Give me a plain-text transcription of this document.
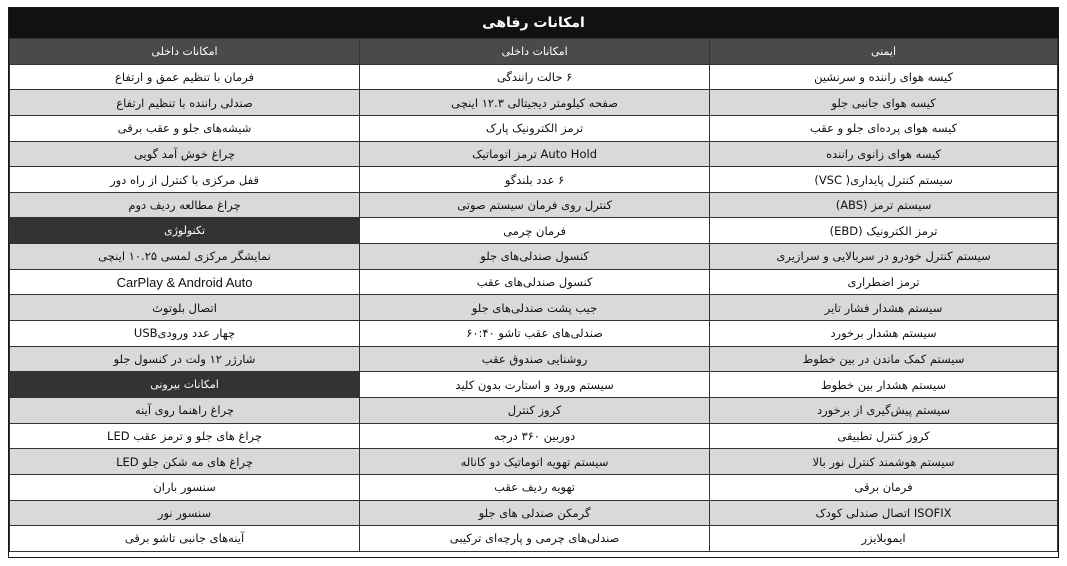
امکانات رفاهی
ایمنی	امکانات داخلی	امکانات داخلی
کیسه هوای راننده و سرنشین	۶ حالت رانندگی	فرمان با تنظیم عمق و ارتفاع
کیسه هوای جانبی جلو	صفحه کیلومتر دیجیتالی ۱۲.۳ اینچی	صندلی راننده با تنظیم ارتفاع
کیسه هوای پرده‌ای جلو و عقب	ترمز الکترونیک پارک	شیشه‌های جلو و عقب برقی
کیسه هوای زانوی راننده	Auto Hold ترمز اتوماتیک	چراغ خوش آمد گویی
سیستم کنترل پایداری( VSC)	۶ عدد بلندگو	قفل مرکزی با کنترل از راه دور
سیستم ترمز (ABS)	کنترل روی فرمان سیستم صوتی	چراغ مطالعه ردیف دوم
ترمز الکترونیک (EBD)	فرمان چرمی	تکنولوژی
سیستم کنترل خودرو در سربالایی و سرازیری	کنسول صندلی‌های جلو	نمایشگر مرکزی لمسی ۱۰.۲۵ اینچی
ترمز اضطراری	کنسول صندلی‌های عقب	CarPlay & Android Auto
سیستم هشدار فشار تایر	جیب پشت صندلی‌های جلو	اتصال بلوتوث
سیستم هشدار برخورد	صندلی‌های عقب تاشو ۶۰:۴۰	چهار عدد ورودیUSB
سیستم کمک ماندن در بین خطوط	روشنایی صندوق عقب	شارژر ۱۲ ولت در کنسول جلو
سیستم هشدار بین خطوط	سیستم ورود و استارت بدون کلید	امکانات بیرونی
سیستم پیش‌گیری از برخورد	کروز کنترل	چراغ راهنما روی آینه
کروز کنترل تطبیقی	دوربین ۳۶۰ درجه	چراغ های جلو و ترمز عقب LED
سیستم هوشمند کنترل نور بالا	سیستم تهویه اتوماتیک دو کاناله	چراغ های مه شکن جلو LED
فرمان برقی	تهویه ردیف عقب	سنسور باران
ISOFIX اتصال صندلی کودک	گرمکن صندلی های جلو	سنسور نور
ایموبلایزر	صندلی‌های چرمی و پارچه‌ای ترکیبی	آینه‌های جانبی تاشو برقی
